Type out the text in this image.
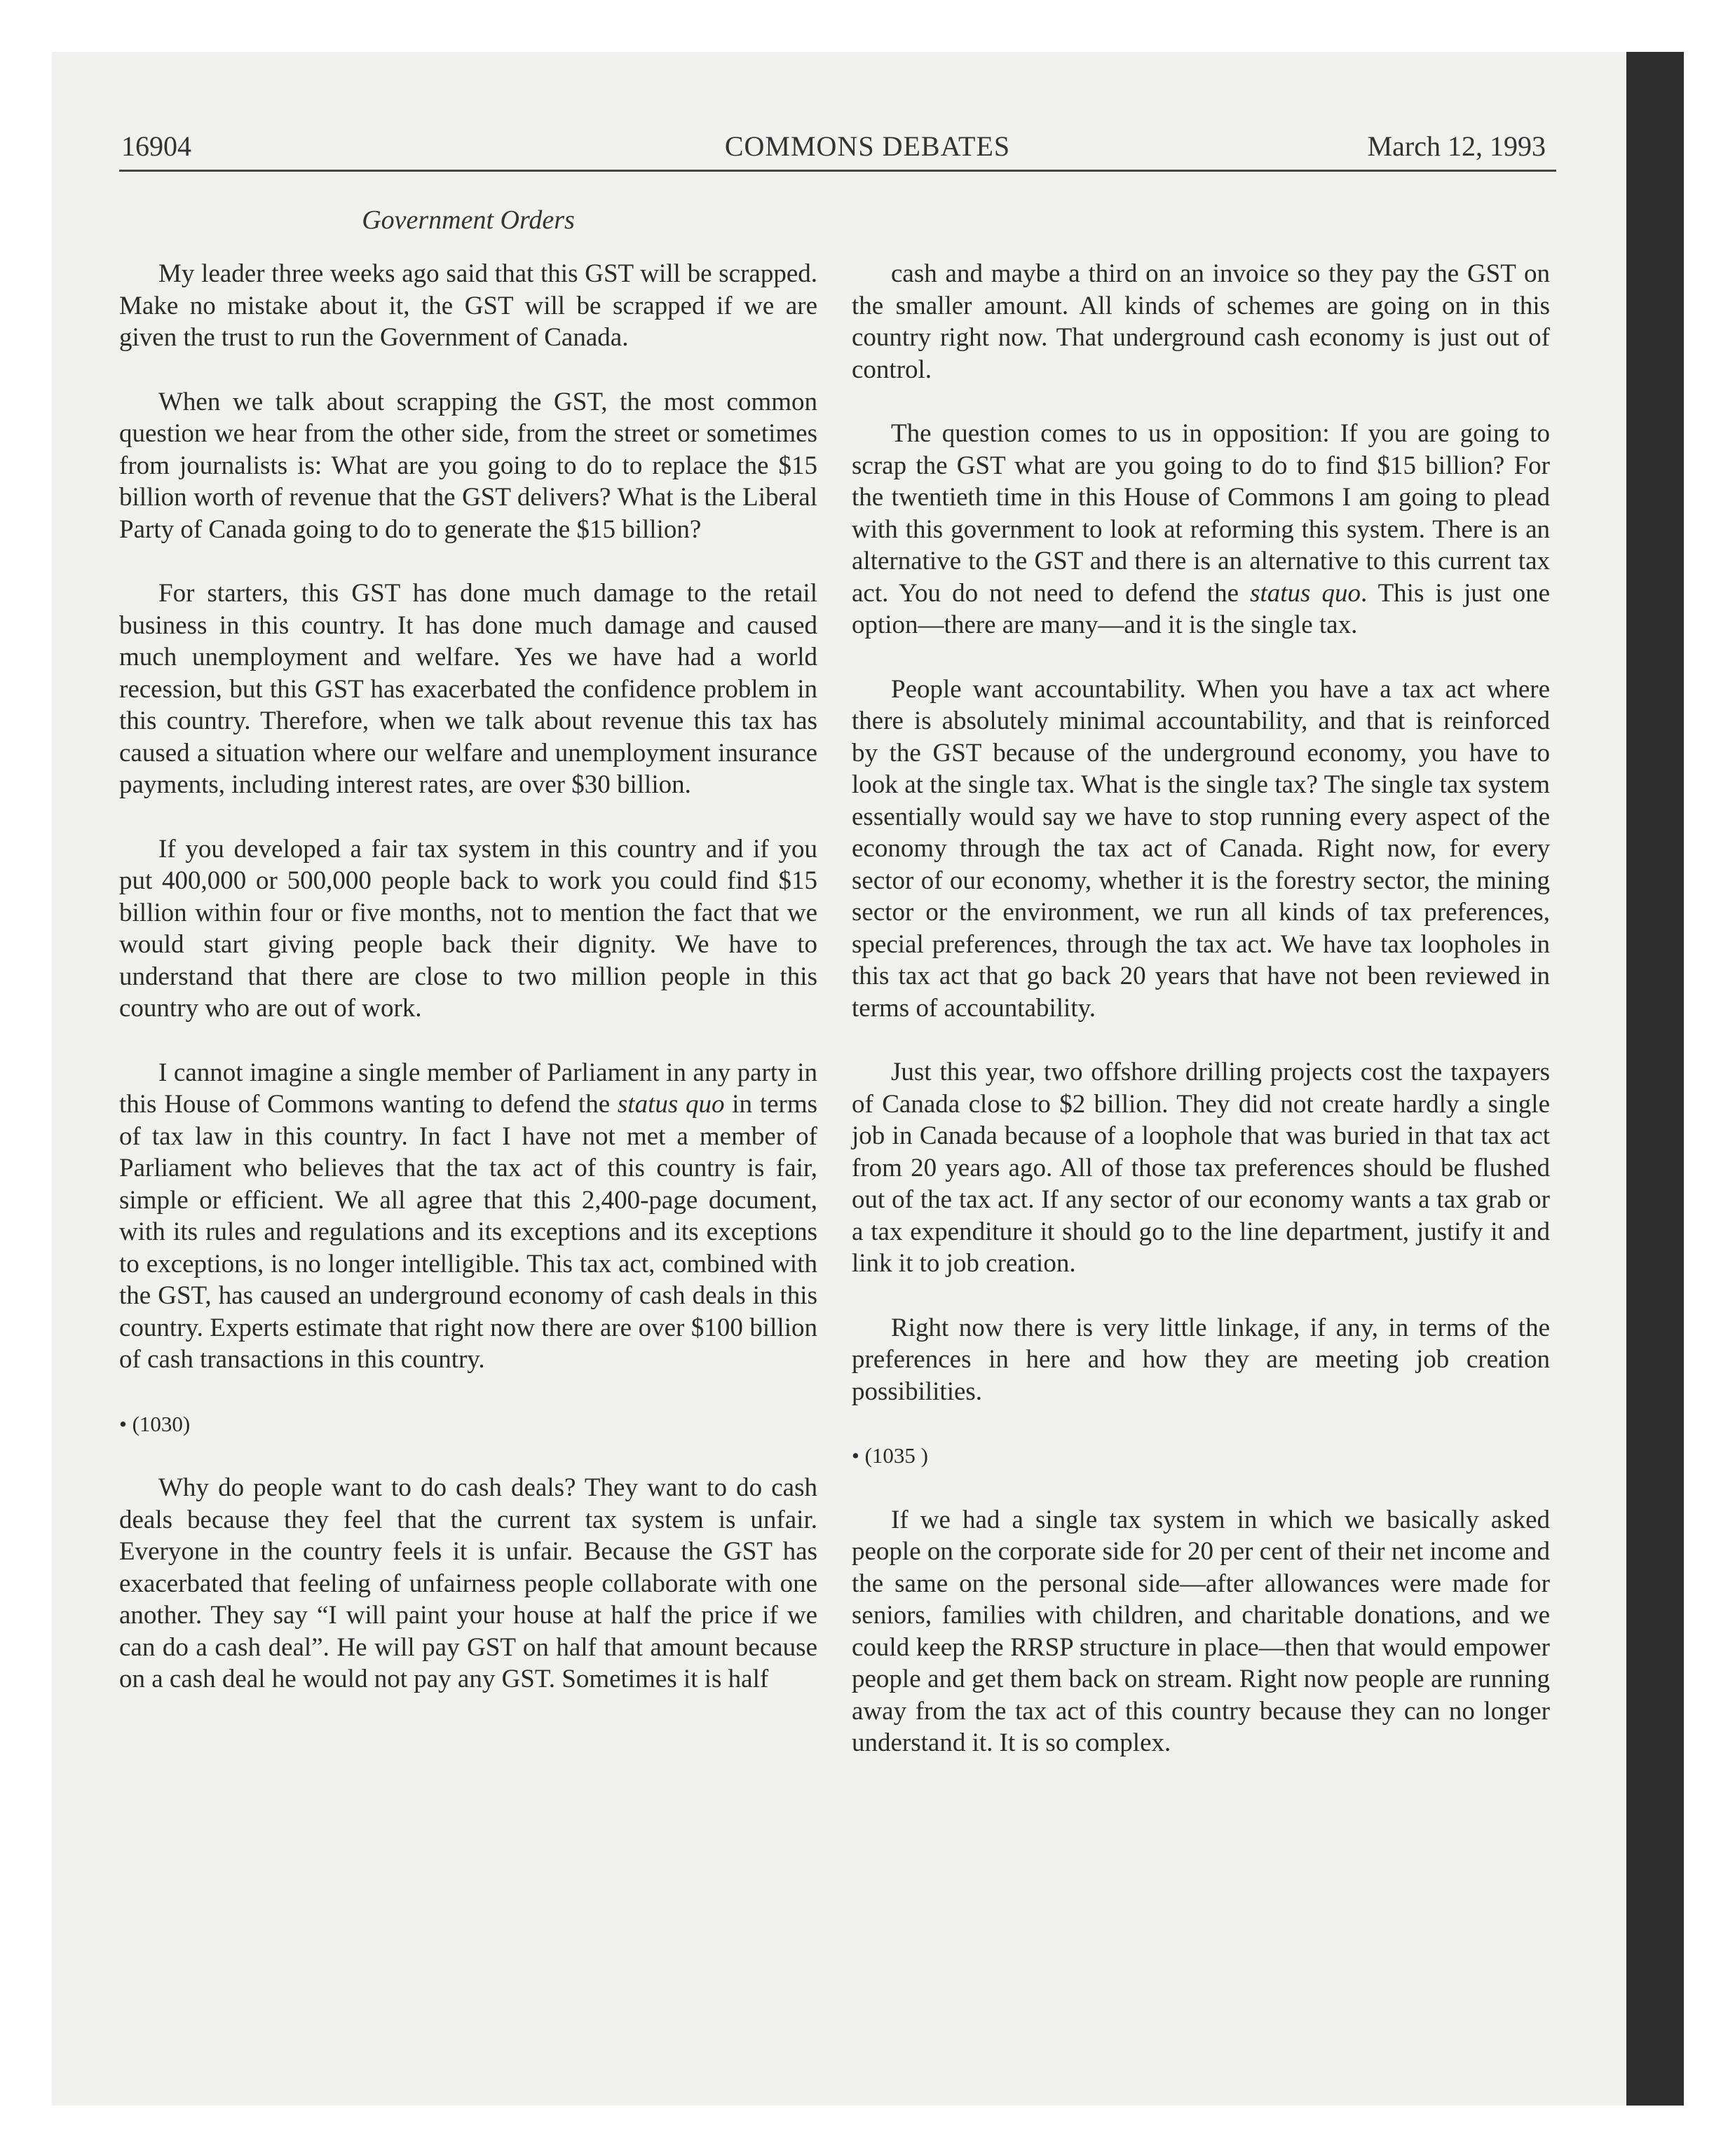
16904	COMMONS DEBATES	March 12, 1993
Government Orders

My leader three weeks ago said that this GST will be scrapped. Make no mistake about it, the GST will be scrapped if we are given the trust to run the Government of Canada.

When we talk about scrapping the GST, the most common question we hear from the other side, from the street or sometimes from journalists is: What are you going to do to replace the $15 billion worth of revenue that the GST delivers? What is the Liberal Party of Canada going to do to generate the $15 billion?

For starters, this GST has done much damage to the retail business in this country. It has done much damage and caused much unemployment and welfare. Yes we have had a world recession, but this GST has exacerbated the confidence problem in this country. Therefore, when we talk about revenue this tax has caused a situation where our welfare and unemployment insurance payments, including interest rates, are over $30 billion.

If you developed a fair tax system in this country and if you put 400,000 or 500,000 people back to work you could find $15 billion within four or five months, not to mention the fact that we would start giving people back their dignity. We have to understand that there are close to two million people in this country who are out of work.

I cannot imagine a single member of Parliament in any party in this House of Commons wanting to defend the status quo in terms of tax law in this country. In fact I have not met a member of Parliament who believes that the tax act of this country is fair, simple or efficient. We all agree that this 2,400-page document, with its rules and regulations and its exceptions and its exceptions to exceptions, is no longer intelligible. This tax act, combined with the GST, has caused an underground economy of cash deals in this country. Experts estimate that right now there are over $100 billion of cash transactions in this country.

• (1030)

Why do people want to do cash deals? They want to do cash deals because they feel that the current tax system is unfair. Everyone in the country feels it is unfair. Because the GST has exacerbated that feeling of unfairness people collaborate with one another. They say “I will paint your house at half the price if we can do a cash deal”. He will pay GST on half that amount because on a cash deal he would not pay any GST. Sometimes it is half

cash and maybe a third on an invoice so they pay the GST on the smaller amount. All kinds of schemes are going on in this country right now. That underground cash economy is just out of control.

The question comes to us in opposition: If you are going to scrap the GST what are you going to do to find $15 billion? For the twentieth time in this House of Commons I am going to plead with this government to look at reforming this system. There is an alternative to the GST and there is an alternative to this current tax act. You do not need to defend the status quo. This is just one option—there are many—and it is the single tax.

People want accountability. When you have a tax act where there is absolutely minimal accountability, and that is reinforced by the GST because of the underground economy, you have to look at the single tax. What is the single tax? The single tax system essentially would say we have to stop running every aspect of the economy through the tax act of Canada. Right now, for every sector of our economy, whether it is the forestry sector, the mining sector or the environment, we run all kinds of tax preferences, special preferences, through the tax act. We have tax loopholes in this tax act that go back 20 years that have not been reviewed in terms of accountability.

Just this year, two offshore drilling projects cost the taxpayers of Canada close to $2 billion. They did not create hardly a single job in Canada because of a loophole that was buried in that tax act from 20 years ago. All of those tax preferences should be flushed out of the tax act. If any sector of our economy wants a tax grab or a tax expenditure it should go to the line department, justify it and link it to job creation.

Right now there is very little linkage, if any, in terms of the preferences in here and how they are meeting job creation possibilities.

• (1035 )

If we had a single tax system in which we basically asked people on the corporate side for 20 per cent of their net income and the same on the personal side—after allowances were made for seniors, families with children, and charitable donations, and we could keep the RRSP structure in place—then that would empower people and get them back on stream. Right now people are running away from the tax act of this country because they can no longer understand it. It is so complex.
